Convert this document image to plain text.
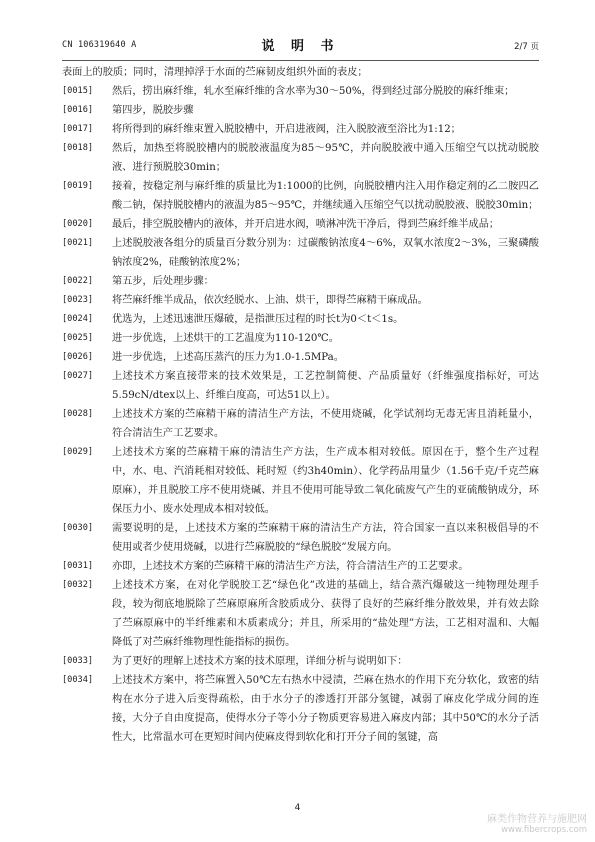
CN 106319640 A	说 明 书	2/7 页

表面上的胶质；同时，清理掉浮于水面的苎麻韧皮组织外面的表皮；

[0015]	然后，捞出麻纤维，轧水至麻纤维的含水率为30～50%，得到经过部分脱胶的麻纤维束；

[0016]	第四步，脱胶步骤

[0017]	将所得到的麻纤维束置入脱胶槽中，开启进液阀，注入脱胶液至浴比为1:12；

[0018]	然后，加热至将脱胶槽内的脱胶液温度为85～95℃，并向脱胶液中通入压缩空气以扰动脱胶液、进行预脱胶30min；

[0019]	接着，按稳定剂与麻纤维的质量比为1:1000的比例，向脱胶槽内注入用作稳定剂的乙二胺四乙酸二钠，保持脱胶槽内的液温为85～95℃，并继续通入压缩空气以扰动脱胶液、脱胶30min；

[0020]	最后，排空脱胶槽内的液体，并开启进水阀，喷淋冲洗干净后，得到苎麻纤维半成品；

[0021]	上述脱胶液各组分的质量百分数分别为：过碳酸钠浓度4～6%，双氧水浓度2～3%，三聚磷酸钠浓度2%，硅酸钠浓度2%；

[0022]	第五步，后处理步骤：

[0023]	将苎麻纤维半成品，依次经脱水、上油、烘干，即得苎麻精干麻成品。

[0024]	优选为，上述迅速泄压爆破，是指泄压过程的时长t为0＜t＜1s。

[0025]	进一步优选，上述烘干的工艺温度为110-120℃。

[0026]	进一步优选，上述高压蒸汽的压力为1.0-1.5MPa。

[0027]	上述技术方案直接带来的技术效果是，工艺控制简便、产品质量好（纤维强度指标好，可达5.59cN/dtex以上、纤维白度高，可达51以上）。

[0028]	上述技术方案的苎麻精干麻的清洁生产方法，不使用烧碱，化学试剂均无毒无害且消耗量小，符合清洁生产工艺要求。

[0029]	上述技术方案的苎麻精干麻的清洁生产方法，生产成本相对较低。原因在于，整个生产过程中，水、电、汽消耗相对较低、耗时短（约3h40min）、化学药品用量少（1.56千克/千克苎麻原麻），并且脱胶工序不使用烧碱、并且不使用可能导致二氧化硫废气产生的亚硫酸钠成分，环保压力小、废水处理成本相对较低。

[0030]	需要说明的是，上述技术方案的苎麻精干麻的清洁生产方法，符合国家一直以来积极倡导的不使用或者少使用烧碱，以进行苎麻脱胶的“绿色脱胶”发展方向。

[0031]	亦即，上述技术方案的苎麻精干麻的清洁生产方法，符合清洁生产的工艺要求。

[0032]	上述技术方案，在对化学脱胶工艺“绿色化”改进的基础上，结合蒸汽爆破这一纯物理处理手段，较为彻底地脱除了苎麻原麻所含胶质成分、获得了良好的苎麻纤维分散效果，并有效去除了苎麻原麻中的半纤维素和木质素成分；并且，所采用的“盐处理”方法，工艺相对温和、大幅降低了对苎麻纤维物理性能指标的损伤。

[0033]	为了更好的理解上述技术方案的技术原理，详细分析与说明如下：

[0034]	上述技术方案中，将苎麻置入50℃左右热水中浸渍，苎麻在热水的作用下充分软化，致密的结构在水分子进入后变得疏松，由于水分子的渗透打开部分氢键，减弱了麻皮化学成分间的连接，大分子自由度提高，使得水分子等小分子物质更容易进入麻皮内部；其中50℃的水分子活性大，比常温水可在更短时间内使麻皮得到软化和打开分子间的氢键，高

4
麻类作物营养与施肥网
www.fibercrops.com
